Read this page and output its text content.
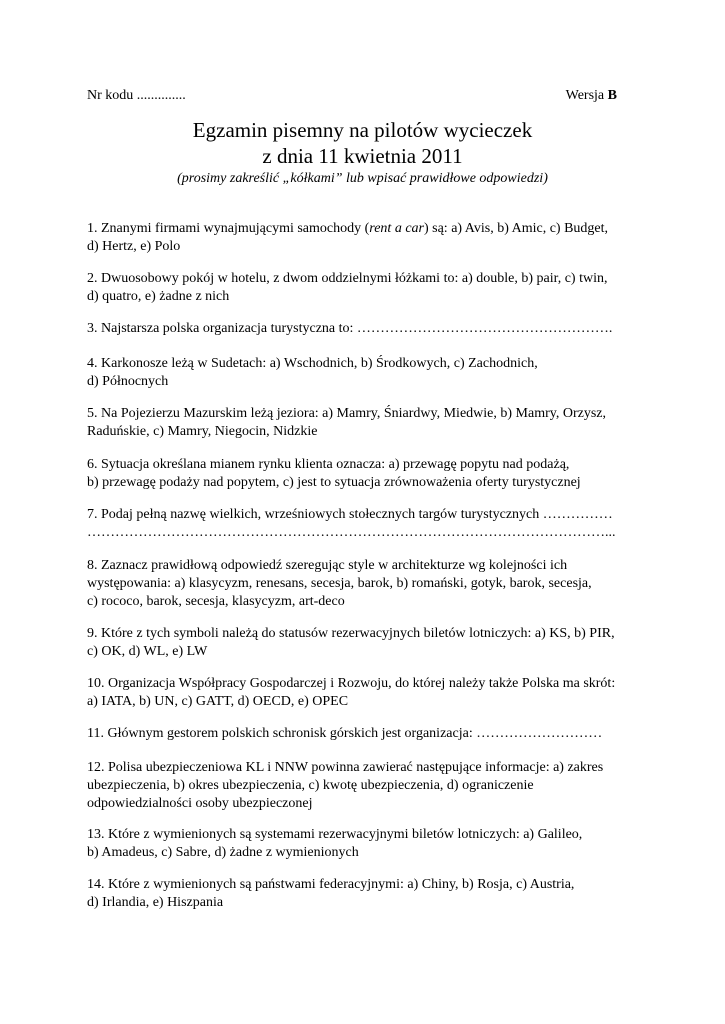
Nr kodu ..............	Wersja B
Egzamin pisemny na pilotów wycieczek
z dnia 11 kwietnia 2011
(prosimy zakreślić „kółkami” lub wpisać prawidłowe odpowiedzi)
1. Znanymi firmami wynajmującymi samochody (rent a car) są: a) Avis, b) Amic, c) Budget,
d) Hertz, e) Polo
2. Dwuosobowy pokój w hotelu, z dwom oddzielnymi łóżkami to: a) double, b) pair, c) twin,
d) quatro, e) żadne z nich
3. Najstarsza polska organizacja turystyczna to: ……………………………………………….
4. Karkonosze leżą w Sudetach: a) Wschodnich, b) Środkowych, c) Zachodnich,
d) Północnych
5. Na Pojezierzu Mazurskim leżą jeziora: a) Mamry, Śniardwy, Miedwie, b) Mamry, Orzysz,
Raduńskie, c) Mamry, Niegocin, Nidzkie
6. Sytuacja określana mianem rynku klienta oznacza: a) przewagę popytu nad podażą,
b) przewagę podaży nad popytem, c) jest to sytuacja zrównoważenia oferty turystycznej
7. Podaj pełną nazwę wielkich, wrześniowych stołecznych targów turystycznych ……………
…………………………………………………………………………………………………...
8. Zaznacz prawidłową odpowiedź szeregując style w architekturze wg kolejności ich
występowania: a) klasycyzm, renesans, secesja, barok, b) romański, gotyk, barok, secesja,
c) rococo, barok, secesja, klasycyzm, art-deco
9. Które z tych symboli należą do statusów rezerwacyjnych biletów lotniczych: a) KS, b) PIR,
c) OK, d) WL, e) LW
10. Organizacja Współpracy Gospodarczej i Rozwoju, do której należy także Polska ma skrót:
a) IATA, b) UN, c) GATT, d) OECD, e) OPEC
11. Głównym gestorem polskich schronisk górskich jest organizacja: ………………………
12. Polisa ubezpieczeniowa KL i NNW powinna zawierać następujące informacje: a) zakres
ubezpieczenia, b) okres ubezpieczenia, c) kwotę ubezpieczenia, d) ograniczenie
odpowiedzialności osoby ubezpieczonej
13. Które z wymienionych są systemami rezerwacyjnymi biletów lotniczych: a) Galileo,
b) Amadeus, c) Sabre, d) żadne z wymienionych
14. Które z wymienionych są państwami federacyjnymi: a) Chiny, b) Rosja, c) Austria,
d) Irlandia, e) Hiszpania
